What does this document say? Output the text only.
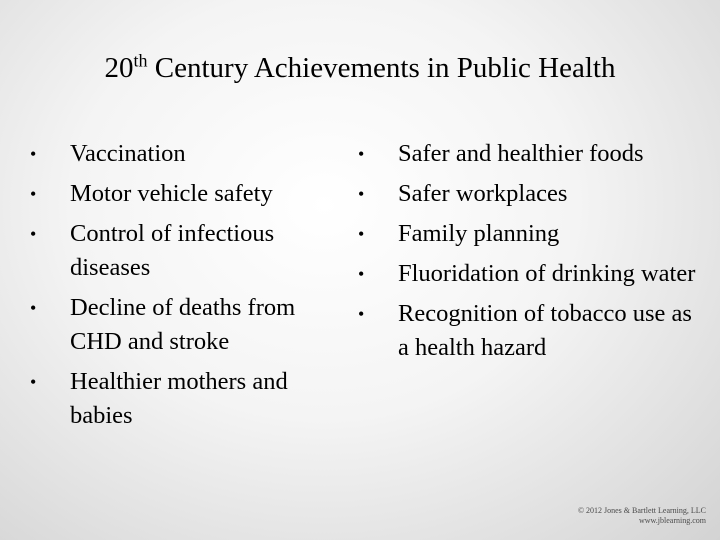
20th Century Achievements in Public Health
•	Vaccination
•	Motor vehicle safety
•	Control of infectious diseases
•	Decline of deaths from CHD and stroke
•	Healthier mothers and babies
•	Safer and healthier foods
•	Safer workplaces
•	Family planning
•	Fluoridation of drinking water
•	Recognition of tobacco use as a health hazard
© 2012 Jones & Bartlett Learning, LLC
www.jblearning.com
